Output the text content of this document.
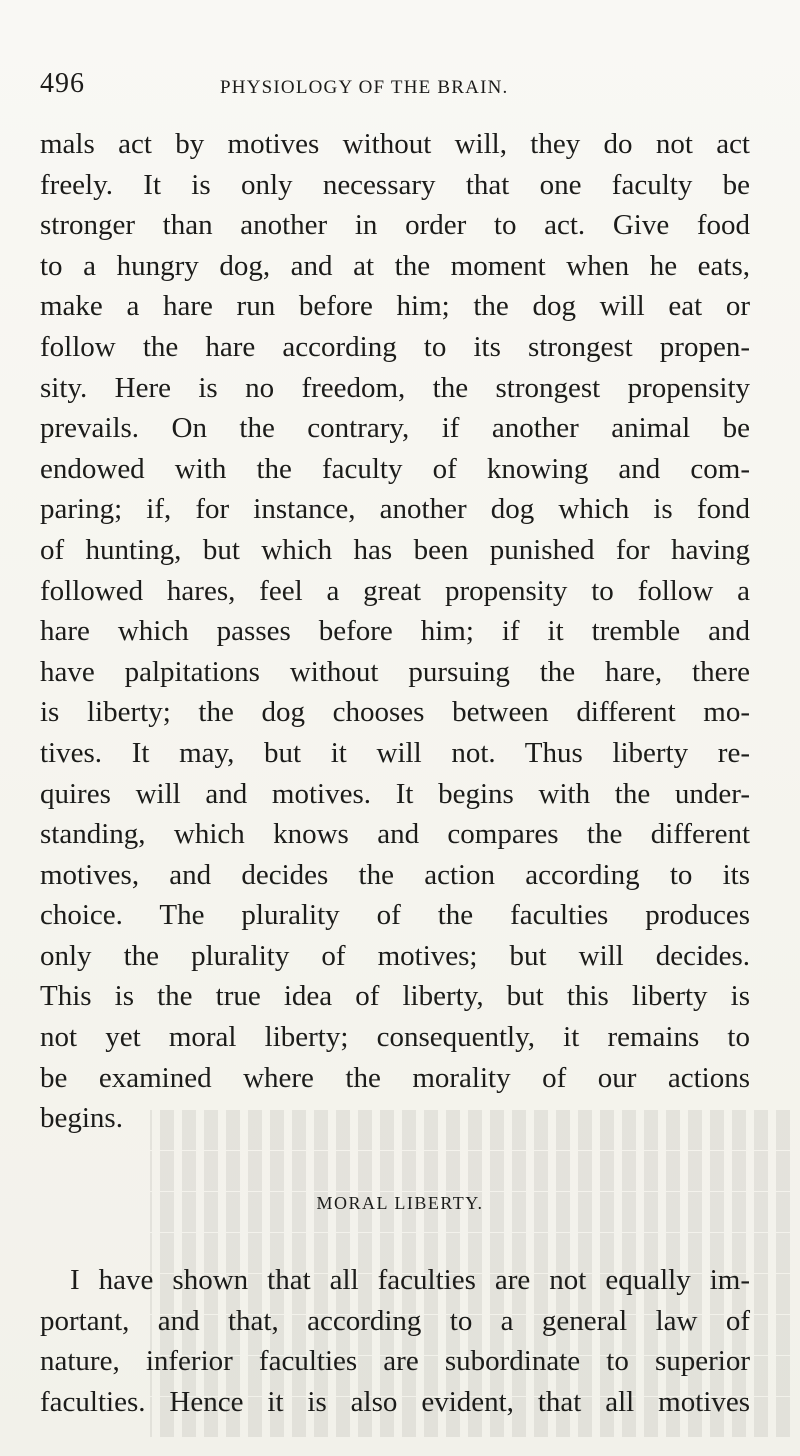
496	PHYSIOLOGY OF THE BRAIN.
mals act by motives without will, they do not act
freely. It is only necessary that one faculty be
stronger than another in order to act. Give food
to a hungry dog, and at the moment when he eats,
make a hare run before him; the dog will eat or
follow the hare according to its strongest propen-
sity. Here is no freedom, the strongest propensity
prevails. On the contrary, if another animal be
endowed with the faculty of knowing and com-
paring; if, for instance, another dog which is fond
of hunting, but which has been punished for having
followed hares, feel a great propensity to follow a
hare which passes before him; if it tremble and
have palpitations without pursuing the hare, there
is liberty; the dog chooses between different mo-
tives. It may, but it will not. Thus liberty re-
quires will and motives. It begins with the under-
standing, which knows and compares the different
motives, and decides the action according to its
choice. The plurality of the faculties produces
only the plurality of motives; but will decides.
This is the true idea of liberty, but this liberty is
not yet moral liberty; consequently, it remains to
be examined where the morality of our actions
begins.
MORAL LIBERTY.
I have shown that all faculties are not equally im-
portant, and that, according to a general law of
nature, inferior faculties are subordinate to superior
faculties. Hence it is also evident, that all motives
